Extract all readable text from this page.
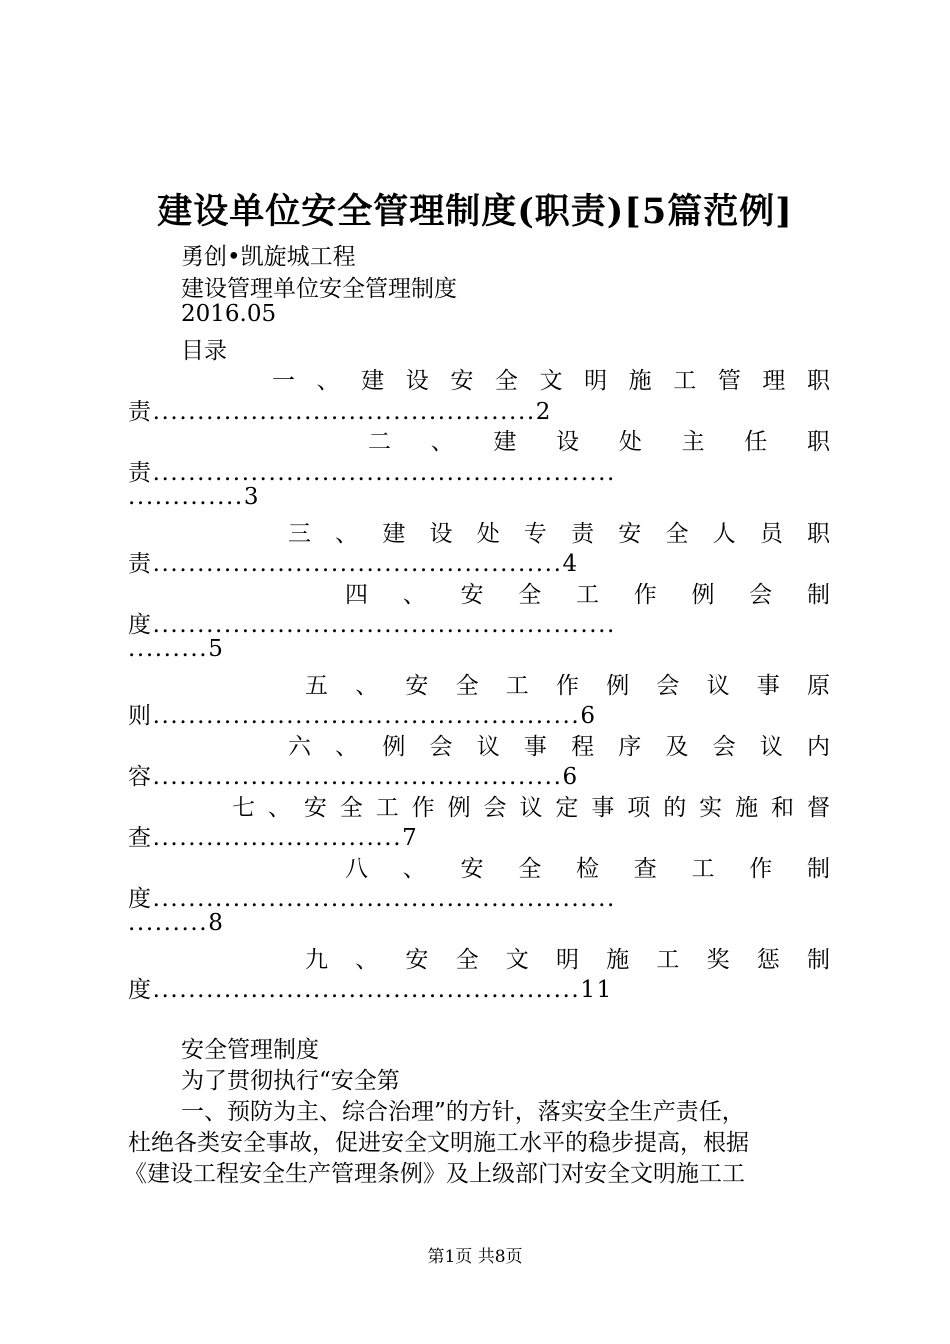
建设单位安全管理制度(职责)[5篇范例]
勇创•凯旋城工程
建设管理单位安全管理制度
2016.05
目录
一 、 建 设 安 全 文 明 施 工 管 理 职
责...........................................2
二 、 建 设 处 主 任 职
责....................................................
.............3
三 、 建 设 处 专 责 安 全 人 员 职
责..............................................4
四 、 安 全 工 作 例 会 制
度....................................................
.........5
五 、 安 全 工 作 例 会 议 事 原
则................................................6
六 、 例 会 议 事 程 序 及 会 议 内
容..............................................6
七 、 安 全 工 作 例 会 议 定 事 项 的 实 施 和 督
查............................7
八 、 安 全 检 查 工 作 制
度....................................................
.........8
九 、 安 全 文 明 施 工 奖 惩 制
度................................................11
安全管理制度
为了贯彻执行“安全第
一、预防为主、综合治理”的方针，落实安全生产责任，
杜绝各类安全事故，促进安全文明施工水平的稳步提高，根据
《建设工程安全生产管理条例》及上级部门对安全文明施工工
第1页 共8页
